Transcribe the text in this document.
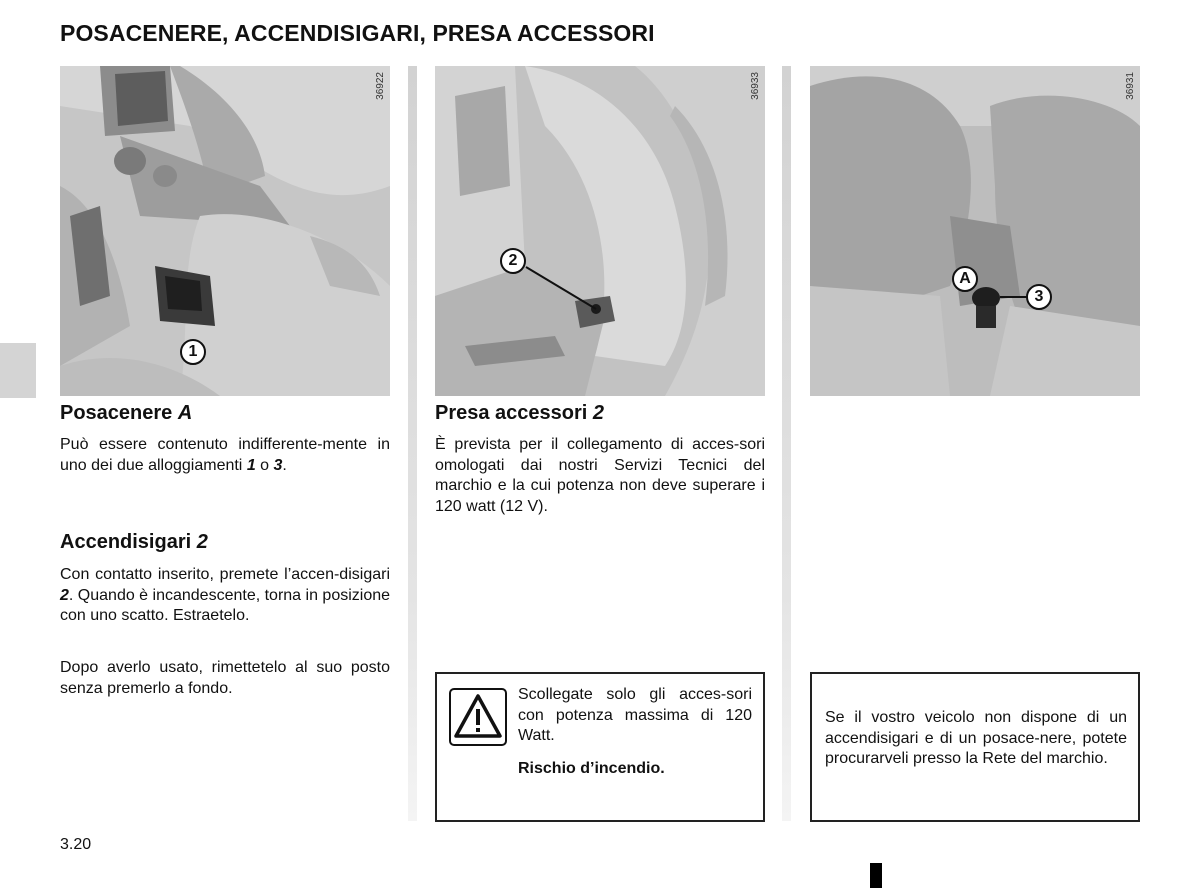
POSACENERE, ACCENDISIGARI, PRESA ACCESSORI
36922
1
36933
2
36931
A
3
Posacenere A
Può essere contenuto indifferente-mente in uno dei due alloggiamenti 1 o 3.
Accendisigari 2
Con contatto inserito, premete l’accen-disigari 2. Quando è incandescente, torna in posizione con uno scatto. Estraetelo.
Dopo averlo usato, rimettetelo al suo posto senza premerlo a fondo.
Presa accessori 2
È prevista per il collegamento di acces-sori omologati dai nostri Servizi Tecnici del marchio e la cui potenza non deve superare i 120 watt (12 V).
Scollegate solo gli acces-sori con potenza massima di 120 Watt.
Rischio d’incendio.
Se il vostro veicolo non dispone di un accendisigari e di un posace-nere, potete procurarveli presso la Rete del marchio.
3.20
